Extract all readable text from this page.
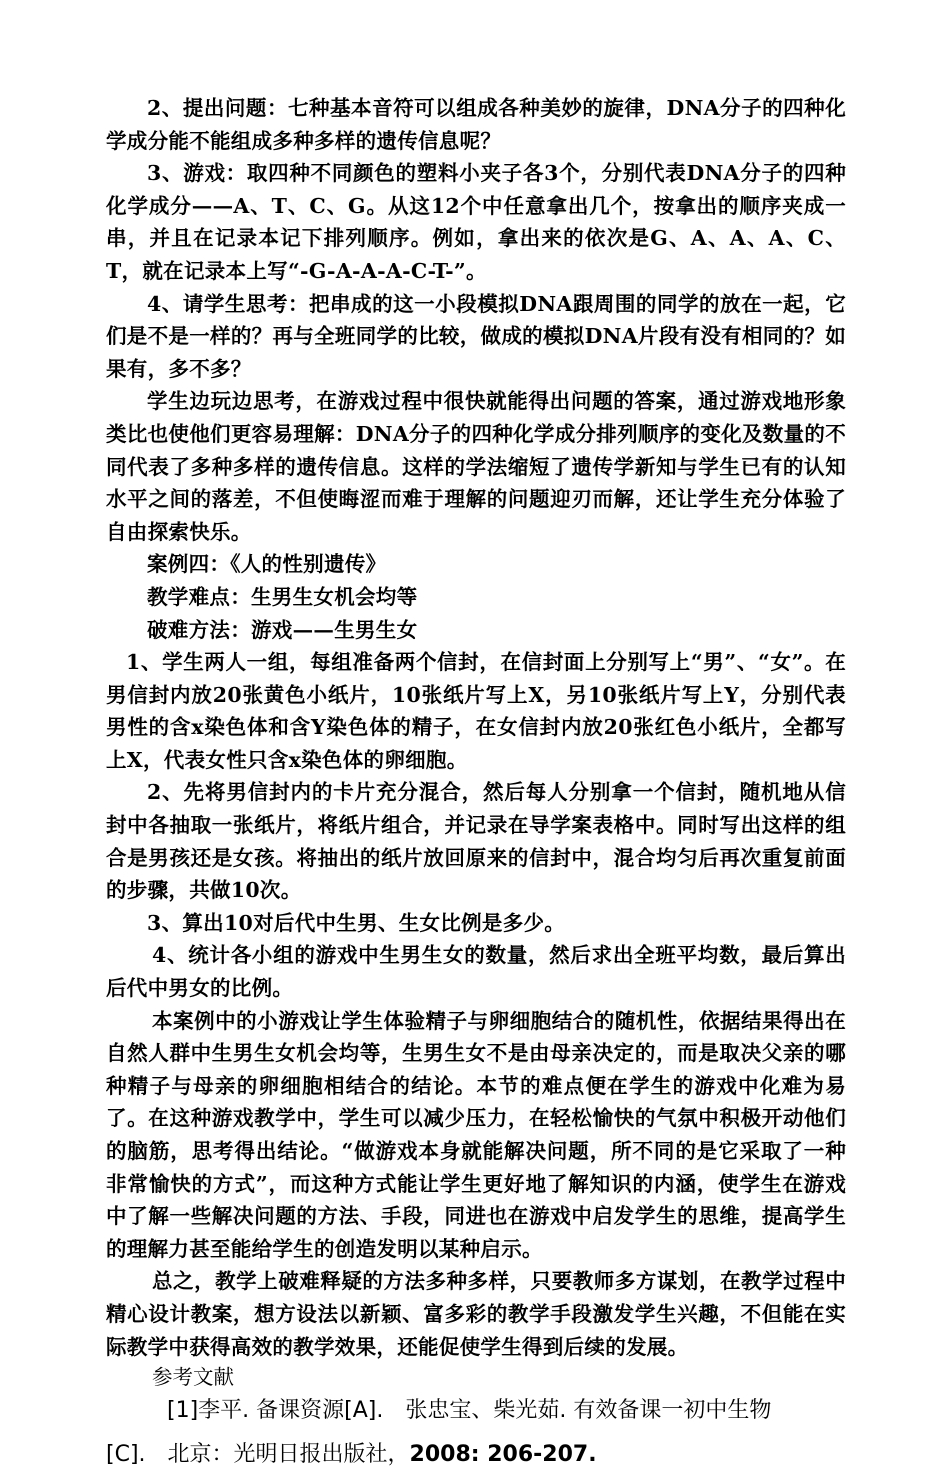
2、提出问题：七种基本音符可以组成各种美妙的旋律，DNA分子的四种化学成分能不能组成多种多样的遗传信息呢？

3、游戏：取四种不同颜色的塑料小夹子各3个，分别代表DNA分子的四种化学成分——A、T、C、G。从这12个中任意拿出几个，按拿出的顺序夹成一串，并且在记录本记下排列顺序。例如，拿出来的依次是G、A、A、A、C、T，就在记录本上写“-G-A-A-A-C-T-”。

4、请学生思考：把串成的这一小段模拟DNA跟周围的同学的放在一起，它们是不是一样的？再与全班同学的比较，做成的模拟DNA片段有没有相同的？如果有，多不多？

学生边玩边思考，在游戏过程中很快就能得出问题的答案，通过游戏地形象类比也使他们更容易理解：DNA分子的四种化学成分排列顺序的变化及数量的不同代表了多种多样的遗传信息。这样的学法缩短了遗传学新知与学生已有的认知水平之间的落差，不但使晦涩而难于理解的问题迎刃而解，还让学生充分体验了自由探索快乐。

案例四：《人的性别遗传》

教学难点：生男生女机会均等

破难方法：游戏——生男生女

1、学生两人一组，每组准备两个信封，在信封面上分别写上“男”、“女”。在男信封内放20张黄色小纸片，10张纸片写上X，另10张纸片写上Y，分别代表男性的含x染色体和含Y染色体的精子，在女信封内放20张红色小纸片，全都写上X，代表女性只含x染色体的卵细胞。

2、先将男信封内的卡片充分混合，然后每人分别拿一个信封，随机地从信封中各抽取一张纸片，将纸片组合，并记录在导学案表格中。同时写出这样的组合是男孩还是女孩。将抽出的纸片放回原来的信封中，混合均匀后再次重复前面的步骤，共做10次。

3、算出10对后代中生男、生女比例是多少。

4、统计各小组的游戏中生男生女的数量，然后求出全班平均数，最后算出后代中男女的比例。

本案例中的小游戏让学生体验精子与卵细胞结合的随机性，依据结果得出在自然人群中生男生女机会均等，生男生女不是由母亲决定的，而是取决父亲的哪种精子与母亲的卵细胞相结合的结论。本节的难点便在学生的游戏中化难为易了。在这种游戏教学中，学生可以减少压力，在轻松愉快的气氛中积极开动他们的脑筋，思考得出结论。“做游戏本身就能解决问题，所不同的是它采取了一种非常愉快的方式”，而这种方式能让学生更好地了解知识的内涵，使学生在游戏中了解一些解决问题的方法、手段，同进也在游戏中启发学生的思维，提高学生的理解力甚至能给学生的创造发明以某种启示。

总之，教学上破难释疑的方法多种多样，只要教师多方谋划，在教学过程中精心设计教案，想方设法以新颖、富多彩的教学手段激发学生兴趣，不但能在实际教学中获得高效的教学效果，还能促使学生得到后续的发展。

参考文献

[1]李平. 备课资源[A].　张忠宝、柴光茹. 有效备课一初中生物

[C].　北京：光明日报出版社，2008: 206-207.
